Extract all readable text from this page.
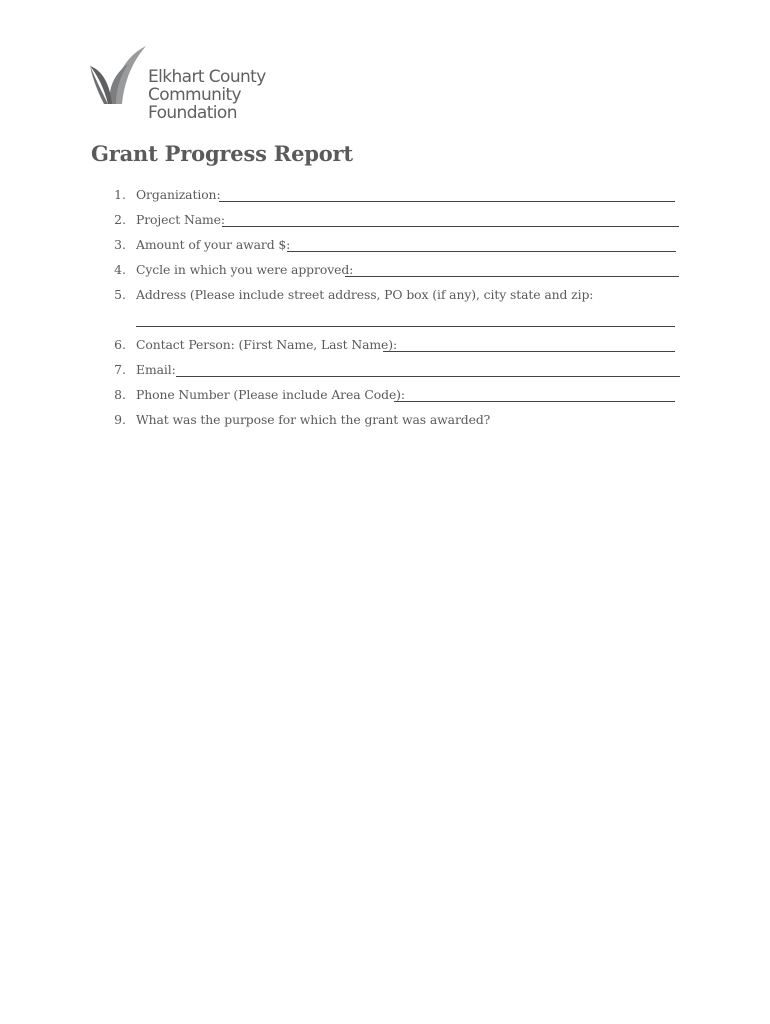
Elkhart County
Community Foundation
Grant Progress Report
1. Organization:
2. Project Name:
3. Amount of your award $:
4. Cycle in which you were approved:
5. Address (Please include street address, PO box (if any), city state and zip:
6. Contact Person: (First Name, Last Name):
7. Email:
8. Phone Number (Please include Area Code):
9. What was the purpose for which the grant was awarded?
